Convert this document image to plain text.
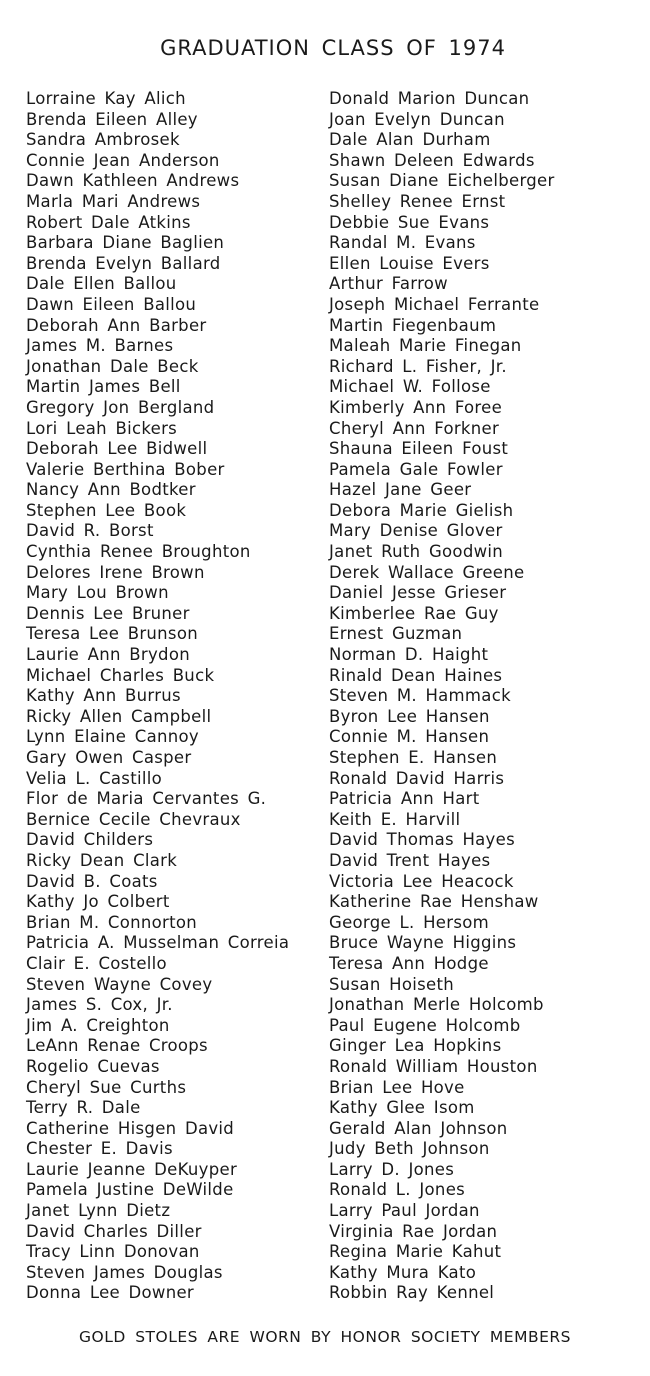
GRADUATION CLASS OF 1974
Lorraine Kay Alich
Brenda Eileen Alley
Sandra Ambrosek
Connie Jean Anderson
Dawn Kathleen Andrews
Marla Mari Andrews
Robert Dale Atkins
Barbara Diane Baglien
Brenda Evelyn Ballard
Dale Ellen Ballou
Dawn Eileen Ballou
Deborah Ann Barber
James M. Barnes
Jonathan Dale Beck
Martin James Bell
Gregory Jon Bergland
Lori Leah Bickers
Deborah Lee Bidwell
Valerie Berthina Bober
Nancy Ann Bodtker
Stephen Lee Book
David R. Borst
Cynthia Renee Broughton
Delores Irene Brown
Mary Lou Brown
Dennis Lee Bruner
Teresa Lee Brunson
Laurie Ann Brydon
Michael Charles Buck
Kathy Ann Burrus
Ricky Allen Campbell
Lynn Elaine Cannoy
Gary Owen Casper
Velia L. Castillo
Flor de Maria Cervantes G.
Bernice Cecile Chevraux
David Childers
Ricky Dean Clark
David B. Coats
Kathy Jo Colbert
Brian M. Connorton
Patricia A. Musselman Correia
Clair E. Costello
Steven Wayne Covey
James S. Cox, Jr.
Jim A. Creighton
LeAnn Renae Croops
Rogelio Cuevas
Cheryl Sue Curths
Terry R. Dale
Catherine Hisgen David
Chester E. Davis
Laurie Jeanne DeKuyper
Pamela Justine DeWilde
Janet Lynn Dietz
David Charles Diller
Tracy Linn Donovan
Steven James Douglas
Donna Lee Downer
Donald Marion Duncan
Joan Evelyn Duncan
Dale Alan Durham
Shawn Deleen Edwards
Susan Diane Eichelberger
Shelley Renee Ernst
Debbie Sue Evans
Randal M. Evans
Ellen Louise Evers
Arthur Farrow
Joseph Michael Ferrante
Martin Fiegenbaum
Maleah Marie Finegan
Richard L. Fisher, Jr.
Michael W. Follose
Kimberly Ann Foree
Cheryl Ann Forkner
Shauna Eileen Foust
Pamela Gale Fowler
Hazel Jane Geer
Debora Marie Gielish
Mary Denise Glover
Janet Ruth Goodwin
Derek Wallace Greene
Daniel Jesse Grieser
Kimberlee Rae Guy
Ernest Guzman
Norman D. Haight
Rinald Dean Haines
Steven M. Hammack
Byron Lee Hansen
Connie M. Hansen
Stephen E. Hansen
Ronald David Harris
Patricia Ann Hart
Keith E. Harvill
David Thomas Hayes
David Trent Hayes
Victoria Lee Heacock
Katherine Rae Henshaw
George L. Hersom
Bruce Wayne Higgins
Teresa Ann Hodge
Susan Hoiseth
Jonathan Merle Holcomb
Paul Eugene Holcomb
Ginger Lea Hopkins
Ronald William Houston
Brian Lee Hove
Kathy Glee Isom
Gerald Alan Johnson
Judy Beth Johnson
Larry D. Jones
Ronald L. Jones
Larry Paul Jordan
Virginia Rae Jordan
Regina Marie Kahut
Kathy Mura Kato
Robbin Ray Kennel

GOLD STOLES ARE WORN BY HONOR SOCIETY MEMBERS
